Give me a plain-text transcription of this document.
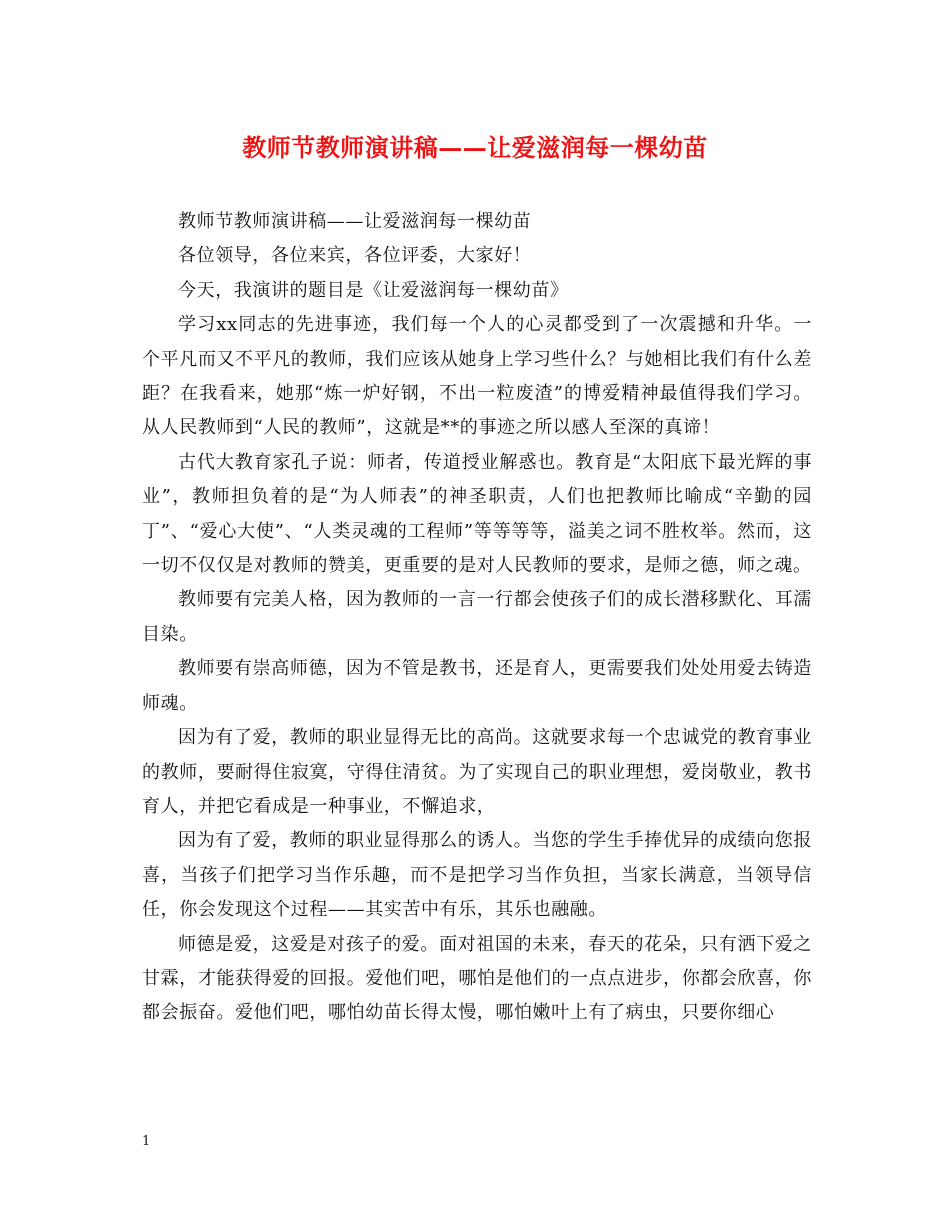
教师节教师演讲稿——让爱滋润每一棵幼苗

教师节教师演讲稿——让爱滋润每一棵幼苗

各位领导，各位来宾，各位评委，大家好！

今天，我演讲的题目是《让爱滋润每一棵幼苗》

学习xx同志的先进事迹，我们每一个人的心灵都受到了一次震撼和升华。一个平凡而又不平凡的教师，我们应该从她身上学习些什么？与她相比我们有什么差距？在我看来，她那“炼一炉好钢，不出一粒废渣”的博爱精神最值得我们学习。从人民教师到“人民的教师”，这就是**的事迹之所以感人至深的真谛！

古代大教育家孔子说：师者，传道授业解惑也。教育是“太阳底下最光辉的事业”，教师担负着的是“为人师表”的神圣职责，人们也把教师比喻成“辛勤的园丁”、“爱心大使”、“人类灵魂的工程师”等等等等，溢美之词不胜枚举。然而，这一切不仅仅是对教师的赞美，更重要的是对人民教师的要求，是师之德，师之魂。

教师要有完美人格，因为教师的一言一行都会使孩子们的成长潜移默化、耳濡目染。

教师要有崇高师德，因为不管是教书，还是育人，更需要我们处处用爱去铸造师魂。

因为有了爱，教师的职业显得无比的高尚。这就要求每一个忠诚党的教育事业的教师，要耐得住寂寞，守得住清贫。为了实现自己的职业理想，爱岗敬业，教书育人，并把它看成是一种事业，不懈追求，

因为有了爱，教师的职业显得那么的诱人。当您的学生手捧优异的成绩向您报喜，当孩子们把学习当作乐趣，而不是把学习当作负担，当家长满意，当领导信任，你会发现这个过程——其实苦中有乐，其乐也融融。

师德是爱，这爱是对孩子的爱。面对祖国的未来，春天的花朵，只有洒下爱之甘霖，才能获得爱的回报。爱他们吧，哪怕是他们的一点点进步，你都会欣喜，你都会振奋。爱他们吧，哪怕幼苗长得太慢，哪怕嫩叶上有了病虫，只要你细心

1
